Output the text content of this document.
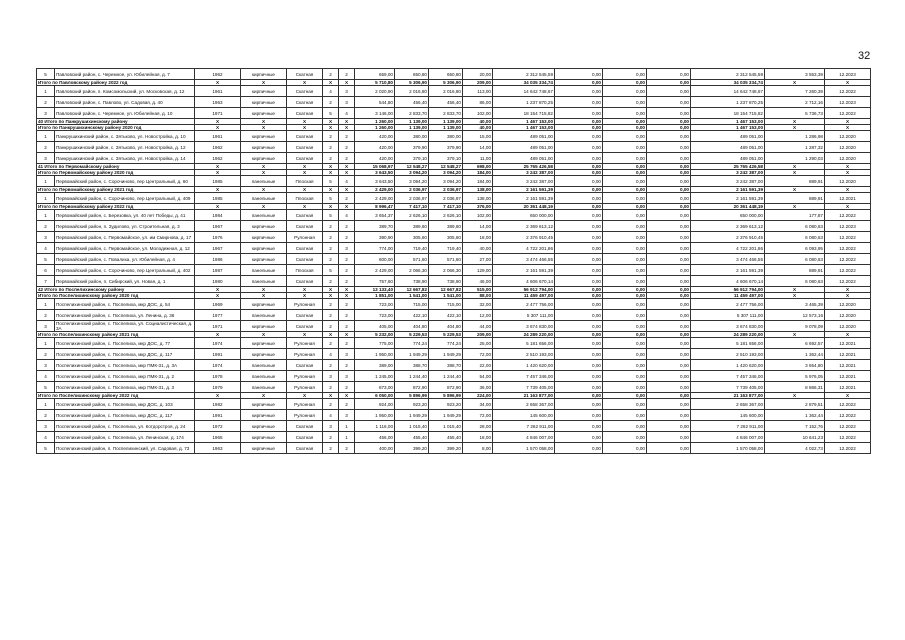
32
5	Павловский район, с. Черемное, ул. Юбилейная, д. 7	1962	кирпичные	Скатная	2	2	659,00	650,80	650,80	20,00	2 312 545,59	0,00	0,00	0,00	2 312 545,59	3 553,39	12.2023
Итого по Павловскому району 2022 год		X	X	X	X	X	5 710,80	5 306,90	5 306,90	209,00	34 035 334,74	0,00	0,00	0,00	34 035 334,74	X	X
1	Павловский район, п. Комсомольский, ул. Московская, д. 12	1961	кирпичные	Скатная	4	3	2 020,90	2 016,80	2 016,80	113,00	14 642 748,67	0,00	0,00	0,00	14 642 748,67	7 260,39	12.2022
2	Павловский район, с. Павлово, ул. Садовая, д. 40	1963	кирпичные	Скатная	2	3	544,80	456,40	456,40	86,00	1 237 870,25	0,00	0,00	0,00	1 237 870,25	2 712,16	12.2023
3	Павловский район, с. Черемное, ул. Юбилейная, д. 10	1971	кирпичные	Скатная	5	4	3 146,00	2 833,70	2 833,70	102,00	18 154 715,82	0,00	0,00	0,00	18 154 715,82	5 736,73	12.2022
40 Итого по Панкрушихинскому району		X	X	X	X	X	1 260,00	1 139,00	1 139,00	40,00	1 467 153,00	0,00	0,00	0,00	1 467 153,00	X	X
Итого по Панкрушихинскому району 2020 год		X	X	X	X	X	1 260,00	1 139,00	1 139,00	40,00	1 467 153,00	0,00	0,00	0,00	1 467 153,00	X	X
1	Панкрушихинский район, с. Зятьково, ул. Новостройка, д. 10	1961	кирпичные	Скатная	2	2	420,00	380,00	380,00	15,00	489 051,00	0,00	0,00	0,00	489 051,00	1 286,98	12.2020
2	Панкрушихинский район, с. Зятьково, ул. Новостройка, д. 12	1962	кирпичные	Скатная	2	2	420,00	379,90	379,90	14,00	489 051,00	0,00	0,00	0,00	489 051,00	1 287,32	12.2020
3	Панкрушихинский район, с. Зятьково, ул. Новостройка, д. 14	1962	кирпичные	Скатная	2	2	420,00	379,10	379,10	11,00	489 051,00	0,00	0,00	0,00	489 051,00	1 290,03	12.2020
41 Итого по Первомайскому району		X	X	X	X	X	15 068,97	12 548,27	12 548,27	698,00	25 765 426,58	0,00	0,00	0,00	25 765 426,58	X	X
Итого по Первомайскому району 2020 год		X	X	X	X	X	3 643,50	3 094,20	3 094,20	184,00	3 242 387,00	0,00	0,00	0,00	3 242 387,00	X	X
1	Первомайский район, с. Сорочиново, пер Центральный, д. 60	1985	панельные	Плоская	5	4	3 643,50	3 094,20	3 094,20	184,00	3 242 387,00	0,00	0,00	0,00	3 242 387,00	889,91	12.2020
Итого по Первомайскому району 2021 год		X	X	X	X	X	2 429,00	2 036,97	2 036,97	138,00	2 161 591,39	0,00	0,00	0,00	2 161 591,39	X	X
1	Первомайский район, с. Сорочиново, пер Центральный, д. 409	1985	панельные	Плоская	5	2	2 429,00	2 036,97	2 036,97	138,00	2 161 591,39	0,00	0,00	0,00	2 161 591,39	889,91	12.2021
Итого по Первомайскому району 2022 год		X	X	X	X	X	8 996,47	7 417,10	7 417,10	376,00	20 361 448,19	0,00	0,00	0,00	20 361 448,19	X	X
1	Первомайский район, с. Березовка, ул. 40 лет Победы, д. 41	1984	панельные	Скатная	5	4	3 654,37	2 626,10	2 626,10	102,00	650 000,00	0,00	0,00	0,00	650 000,00	177,87	12.2022
2	Первомайский район, п. Зудилово, ул. Строительная, д. 3	1967	кирпичные	Скатная	2	2	389,70	389,60	389,60	14,00	2 369 613,12	0,00	0,00	0,00	2 369 613,12	6 080,63	12.2023
3	Первомайский район, с. Первомайское, ул. им Смирнова, д. 17	1976	кирпичные	Рулонная	2	2	390,90	305,60	305,60	18,00	2 376 910,45	0,00	0,00	0,00	2 376 910,45	6 080,63	12.2022
4	Первомайский район, с. Первомайское, ул. Молодежная, д. 12	1967	кирпичные	Скатная	2	3	774,00	719,40	719,40	40,00	4 722 201,86	0,00	0,00	0,00	4 722 201,86	6 093,95	12.2022
5	Первомайский район, с. Повалиха, ул. Юбилейная, д. 4	1986	кирпичные	Скатная	2	2	600,00	571,60	571,60	27,00	3 474 466,55	0,00	0,00	0,00	3 474 466,55	6 080,63	12.2022
6	Первомайский район, с. Сорочиново, пер Центральный, д. 402	1987	панельные	Плоская	5	2	2 429,00	2 066,30	2 066,30	129,00	2 161 591,39	0,00	0,00	0,00	2 161 591,39	889,91	12.2022
7	Первомайский район, п. Сибирский, ул. Новая, д. 1	1980	панельные	Скатная	2	2	757,60	738,90	738,90	46,00	4 606 670,14	0,00	0,00	0,00	4 606 670,14	6 080,63	12.2022
42 Итого по Поспелихинскому району		X	X	X	X	X	13 133,40	12 667,82	12 667,82	515,00	56 912 794,00	0,00	0,00	0,00	56 912 794,00	X	X
Итого по Поспелихинскому району 2020 год		X	X	X	X	X	1 851,00	1 541,00	1 541,00	88,00	11 459 497,00	0,00	0,00	0,00	11 459 497,00	X	X
1	Поспелихинский район, с. Поспелиха, мкр ДОС, д. 54	1969	кирпичные	Рулонная	2	2	723,00	715,00	715,00	32,00	2 477 756,00	0,00	0,00	0,00	2 477 756,00	3 465,39	12.2020
2	Поспелихинский район, с. Поспелиха, ул. Ленина, д. 36	1977	панельные	Скатная	2	2	723,00	422,10	422,10	12,00	5 307 111,00	0,00	0,00	0,00	5 307 111,00	12 573,16	12.2020
3	Поспелихинский район, с. Поспелиха, ул. Социалистическая, д. 3А	1971	кирпичные	Скатная	2	2	405,00	404,80	404,80	44,00	3 674 830,00	0,00	0,00	0,00	3 674 830,00	9 078,09	12.2020
Итого по Поспелихинскому району 2021 год		X	X	X	X	X	5 232,00	5 229,53	5 229,53	209,00	24 289 220,00	0,00	0,00	0,00	24 289 220,00	X	X
1	Поспелихинский район, с. Поспелиха, мкр ДОС, д. 77	1974	кирпичные	Рулонная	2	2	775,00	774,24	774,24	25,00	5 181 656,00	0,00	0,00	0,00	5 181 656,00	6 692,57	12.2021
2	Поспелихинский район, с. Поспелиха, мкр ДОС, д. 117	1991	кирпичные	Рулонная	4	3	1 950,00	1 949,29	1 949,29	72,00	2 510 193,00	0,00	0,00	0,00	2 510 193,00	1 362,44	12.2021
3	Поспелихинский район, с. Поспелиха, мкр ПМК-31, д. 3А	1974	панельные	Скатная	2	2	389,00	388,70	388,70	22,00	1 420 620,00	0,00	0,00	0,00	1 420 620,00	3 654,80	12.2021
4	Поспелихинский район, с. Поспелиха, мкр ПМК-31, д. 2	1978	панельные	Рулонная	3	3	1 245,00	1 244,40	1 244,40	54,00	7 457 346,00	0,00	0,00	0,00	7 457 346,00	5 976,05	12.2021
5	Поспелихинский район, с. Поспелиха, мкр ПМК-31, д. 3	1979	панельные	Рулонная	2	2	873,00	872,90	872,90	36,00	7 739 405,00	0,00	0,00	0,00	7 739 405,00	8 866,31	12.2021
Итого по Поспелихинскому району 2022 год		X	X	X	X	X	6 050,00	5 896,99	5 896,99	224,00	21 163 877,00	0,00	0,00	0,00	21 163 877,00	X	X
1	Поспелихинский район, с. Поспелиха, мкр ДОС, д. 103	1982	кирпичные	Рулонная	2	2	924,00	923,20	923,20	34,00	2 658 367,00	0,00	0,00	0,00	2 658 367,00	2 879,51	12.2022
2	Поспелихинский район, с. Поспелиха, мкр ДОС, д. 117	1991	кирпичные	Рулонная	4	3	1 950,00	1 949,29	1 949,29	72,00	145 600,00	0,00	0,00	0,00	145 600,00	1 362,44	12.2022
3	Поспелихинский район, с. Поспелиха, ул. Котдорстроя, д. 24	1972	кирпичные	Скатная	3	1	1 116,00	1 015,40	1 015,40	28,00	7 262 911,00	0,00	0,00	0,00	7 262 911,00	7 152,76	12.2022
4	Поспелихинский район, с. Поспелиха, ул. Ленинская, д. 174	1965	кирпичные	Скатная	2	1	456,00	455,40	455,40	18,00	4 846 007,00	0,00	0,00	0,00	4 846 007,00	10 641,23	12.2022
5	Поспелихинский район, п. Поспелихинский, ул. Садовая, д. 73	1963	кирпичные	Скатная	2	2	400,00	399,20	399,20	8,00	1 570 058,00	0,00	0,00	0,00	1 570 058,00	4 022,73	12.2022
